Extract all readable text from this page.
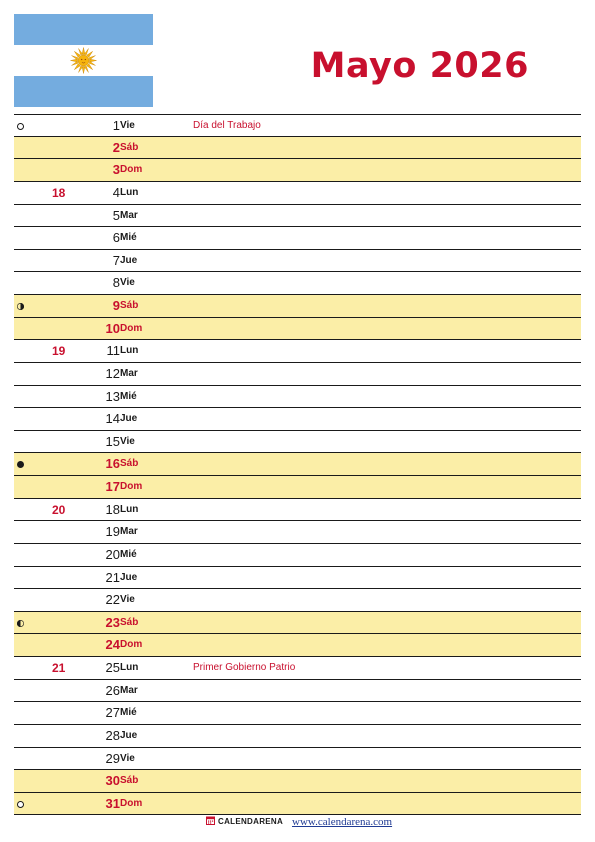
Mayo 2026
1 Vie	Día del Trabajo
2 Sáb
3 Dom
18	4 Lun
5 Mar
6 Mié
7 Jue
8 Vie
9 Sáb
10 Dom
19	11 Lun
12 Mar
13 Mié
14 Jue
15 Vie
16 Sáb
17 Dom
20	18 Lun
19 Mar
20 Mié
21 Jue
22 Vie
23 Sáb
24 Dom
21	25 Lun	Primer Gobierno Patrio
26 Mar
27 Mié
28 Jue
29 Vie
30 Sáb
31 Dom
CALENDARENA www.calendarena.com
